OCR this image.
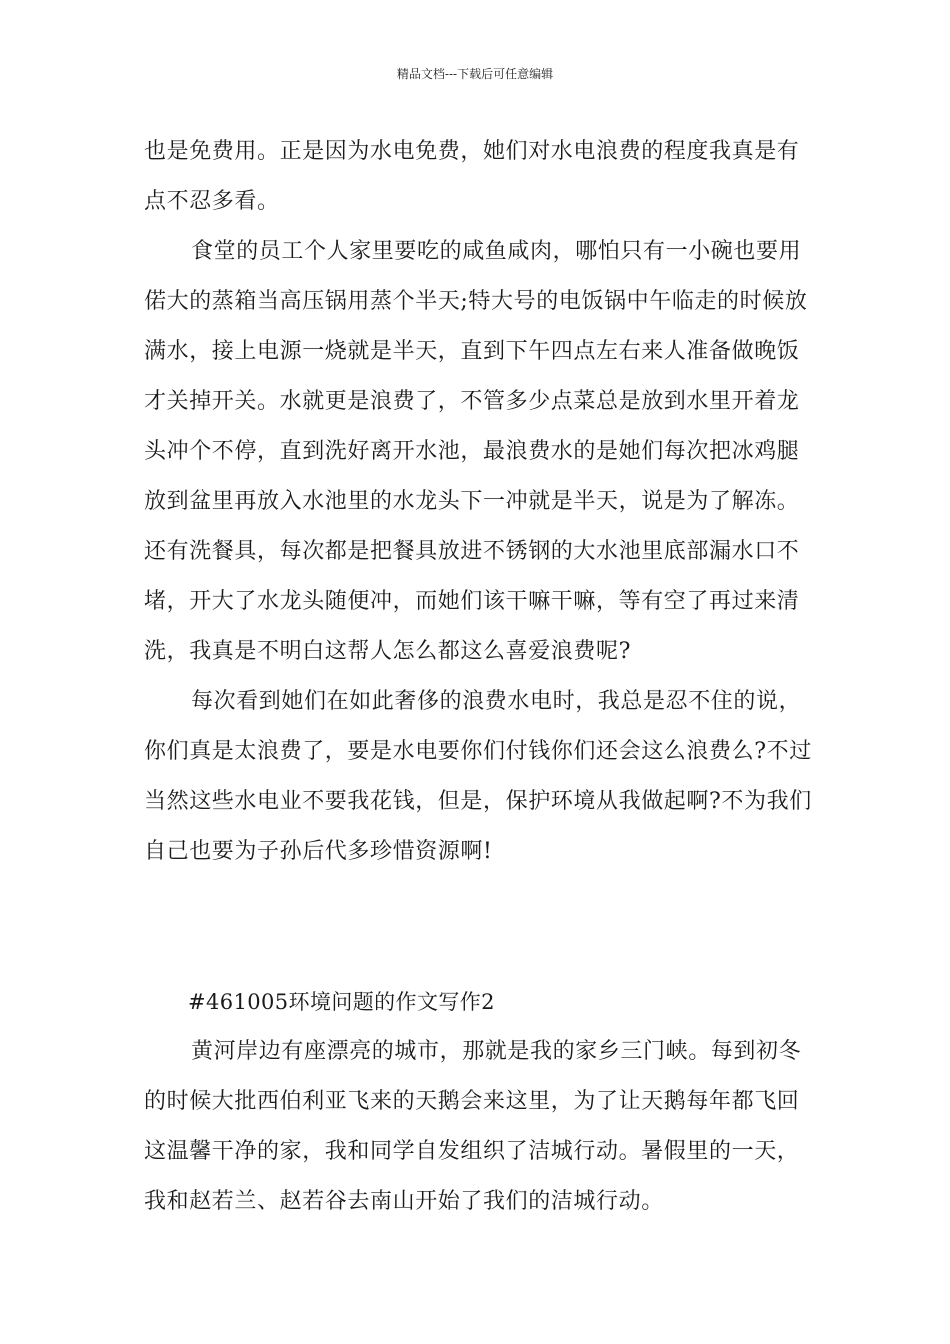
精品文档---下载后可任意编辑
也是免费用。正是因为水电免费，她们对水电浪费的程度我真是有
点不忍多看。
食堂的员工个人家里要吃的咸鱼咸肉，哪怕只有一小碗也要用
偌大的蒸箱当高压锅用蒸个半天;特大号的电饭锅中午临走的时候放
满水，接上电源一烧就是半天，直到下午四点左右来人准备做晚饭
才关掉开关。水就更是浪费了，不管多少点菜总是放到水里开着龙
头冲个不停，直到洗好离开水池，最浪费水的是她们每次把冰鸡腿
放到盆里再放入水池里的水龙头下一冲就是半天，说是为了解冻。
还有洗餐具，每次都是把餐具放进不锈钢的大水池里底部漏水口不
堵，开大了水龙头随便冲，而她们该干嘛干嘛，等有空了再过来清
洗，我真是不明白这帮人怎么都这么喜爱浪费呢?
每次看到她们在如此奢侈的浪费水电时，我总是忍不住的说，
你们真是太浪费了，要是水电要你们付钱你们还会这么浪费么?不过
当然这些水电业不要我花钱，但是，保护环境从我做起啊?不为我们
自己也要为子孙后代多珍惜资源啊!
#461005环境问题的作文写作2
黄河岸边有座漂亮的城市，那就是我的家乡三门峡。每到初冬
的时候大批西伯利亚飞来的天鹅会来这里，为了让天鹅每年都飞回
这温馨干净的家，我和同学自发组织了洁城行动。暑假里的一天，
我和赵若兰、赵若谷去南山开始了我们的洁城行动。
